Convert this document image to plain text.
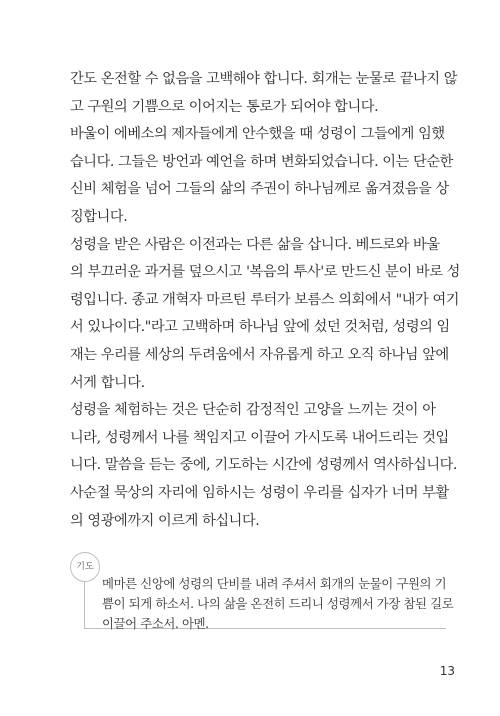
간도 온전할 수 없음을 고백해야 합니다. 회개는 눈물로 끝나지 않
고 구원의 기쁨으로 이어지는 통로가 되어야 합니다.
바울이 에베소의 제자들에게 안수했을 때 성령이 그들에게 임했
습니다. 그들은 방언과 예언을 하며 변화되었습니다. 이는 단순한
신비 체험을 넘어 그들의 삶의 주권이 하나님께로 옮겨졌음을 상
징합니다.
성령을 받은 사람은 이전과는 다른 삶을 삽니다. 베드로와 바울
의 부끄러운 과거를 덮으시고 '복음의 투사'로 만드신 분이 바로 성
령입니다. 종교 개혁자 마르틴 루터가 보름스 의회에서 "내가 여기
서 있나이다."라고 고백하며 하나님 앞에 섰던 것처럼, 성령의 임
재는 우리를 세상의 두려움에서 자유롭게 하고 오직 하나님 앞에
서게 합니다.
성령을 체험하는 것은 단순히 감정적인 고양을 느끼는 것이 아
니라, 성령께서 나를 책임지고 이끌어 가시도록 내어드리는 것입
니다. 말씀을 듣는 중에, 기도하는 시간에 성령께서 역사하십니다.
사순절 묵상의 자리에 임하시는 성령이 우리를 십자가 너머 부활
의 영광에까지 이르게 하십니다.
기도
메마른 신앙에 성령의 단비를 내려 주셔서 회개의 눈물이 구원의 기
쁨이 되게 하소서. 나의 삶을 온전히 드리니 성령께서 가장 참된 길로
이끌어 주소서. 아멘.
13
